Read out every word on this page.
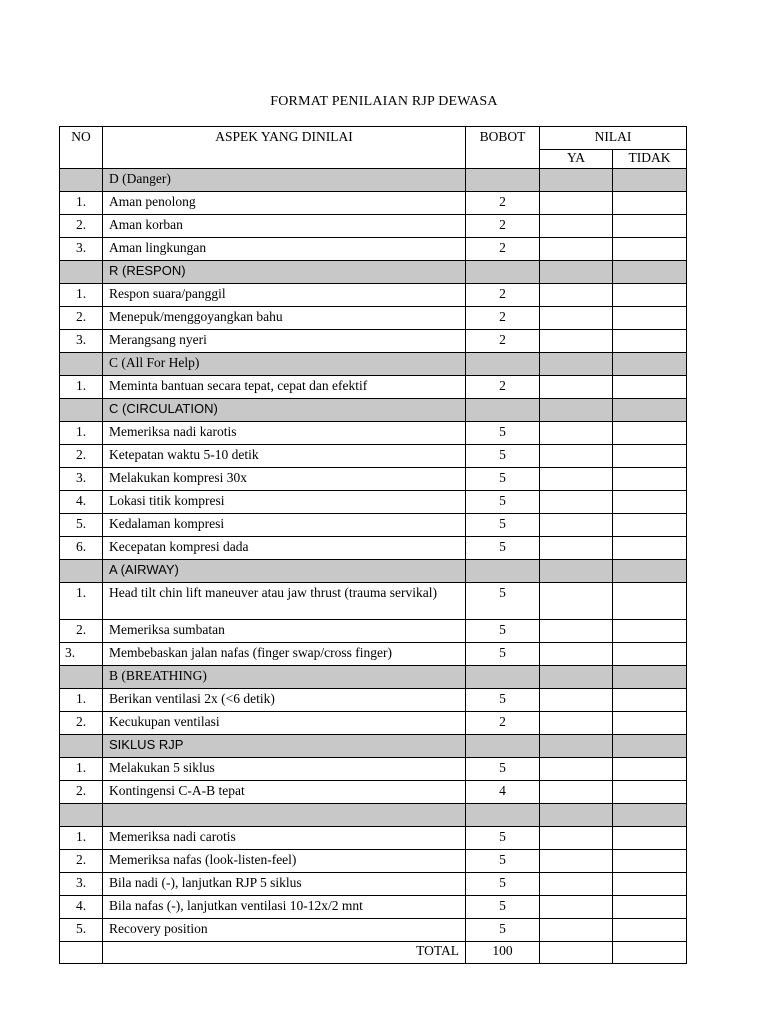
FORMAT PENILAIAN RJP DEWASA
NO	ASPEK YANG DINILAI	BOBOT	NILAI	
			YA	TIDAK
	D (Danger)			
1.	Aman penolong	2		
2.	Aman korban	2		
3.	Aman lingkungan	2		
	R (RESPON)			
1.	Respon suara/panggil	2		
2.	Menepuk/menggoyangkan bahu	2		
3.	Merangsang nyeri	2		
	C (All For Help)			
1.	Meminta bantuan secara tepat, cepat dan efektif	2		
	C (CIRCULATION)			
1.	Memeriksa nadi karotis	5		
2.	Ketepatan waktu 5-10 detik	5		
3.	Melakukan kompresi 30x	5		
4.	Lokasi titik kompresi	5		
5.	Kedalaman kompresi	5		
6.	Kecepatan kompresi dada	5		
	A (AIRWAY)			
1.	Head tilt chin lift maneuver atau jaw thrust (trauma servikal)	5		
2.	Memeriksa sumbatan	5		
3.	Membebaskan jalan nafas (finger swap/cross finger)	5		
	B (BREATHING)			
1.	Berikan ventilasi 2x (<6 detik)	5		
2.	Kecukupan ventilasi	2		
	SIKLUS RJP			
1.	Melakukan 5 siklus	5		
2.	Kontingensi C-A-B tepat	4		

1.	Memeriksa nadi carotis	5		
2.	Memeriksa nafas (look-listen-feel)	5		
3.	Bila nadi (-), lanjutkan RJP 5 siklus	5		
4.	Bila nafas (-), lanjutkan ventilasi 10-12x/2 mnt	5		
5.	Recovery position	5		
	TOTAL	100		
